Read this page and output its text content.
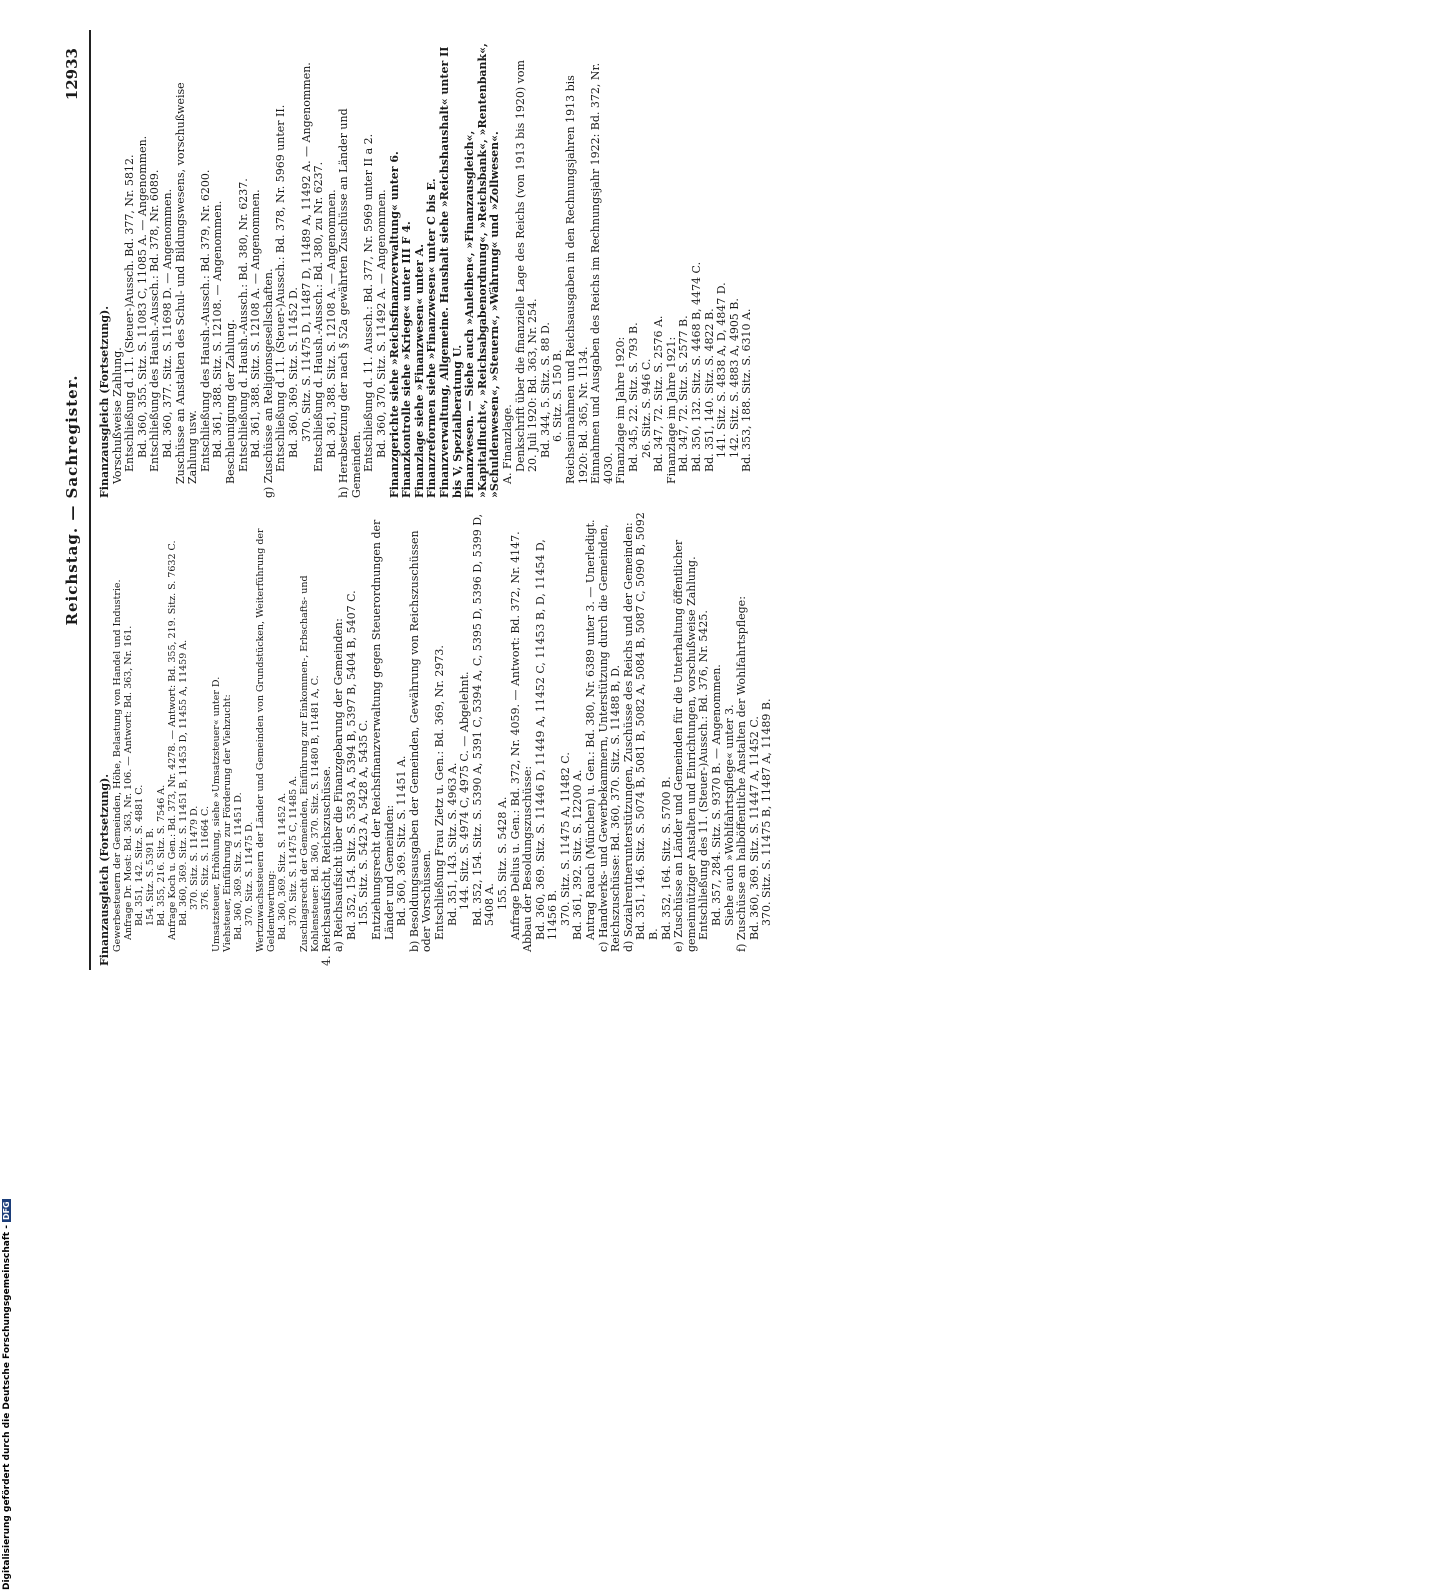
Reichstag. — Sachregister.
12933

Finanzausgleich (Fortsetzung). Gewerbesteuern der Gemeinden, Höhe, Belastung von Handel und Industrie. Anfrage Dr. Most: Bd. 363, Nr. 106. — Antwort: Bd. 363, Nr. 161. Bd. 351, 142. Sitz. S. 4881 C. 154. Sitz. S. 5391 B. Bd. 355, 216. Sitz. S. 7546 A. Anfrage Koch u. Gen.: Bd. 373, Nr. 4278. — Antwort: Bd. 355, 219. Sitz. S. 7632 C. Bd. 360, 369. Sitz. S. 11451 B, 11453 D, 11455 A, 11459 A. 370. Sitz. S. 11479 D. 376. Sitz. S. 11664 C. Umsatzsteuer, Erhöhung, siehe »Umsatzsteuer« unter D. Viehsteuer, Einführung zur Förderung der Viehzucht: Bd. 360, 369. Sitz. S. 11451 D. 370. Sitz. S. 11475 D. Wertzuwachssteuern der Länder und Gemeinden von Grundstücken, Weiterführung der Geldentwertung: Bd. 360, 369. Sitz. S. 11452 A. 370. Sitz. S. 11475 C, 11485 A. Zuschlagsrecht der Gemeinden, Einführung zur Einkommen-, Erbschafts- und Kohlensteuer: Bd. 360, 370. Sitz. S. 11480 B, 11481 A, C. 4. Reichsaufsicht, Reichszuschüsse. a) Reichsaufsicht über die Finanzgebarung der Gemeinden: Bd. 352, 154. Sitz. S. 5393 A, 5394 B, 5397 B, 5404 B, 5407 C. 155. Sitz. S. 5423 A, 5428 A, 5435 C. Entziehungsrecht der Reichsfinanzverwaltung gegen Steuerordnungen der Länder und Gemeinden: Bd. 360, 369. Sitz. S. 11451 A. b) Besoldungsausgaben der Gemeinden, Gewährung von Reichszuschüssen oder Vorschüssen. Entschließung Frau Zietz u. Gen.: Bd. 369, Nr. 2973. Bd. 351, 143. Sitz. S. 4963 A. 144. Sitz. S. 4974 C, 4975 C. — Abgelehnt. Bd. 352, 154. Sitz. S. 5390 A, 5391 C, 5394 A, C, 5395 D, 5396 D, 5399 D, 5408 A. 155. Sitz. S. 5428 A. Anfrage Delius u. Gen.: Bd. 372, Nr. 4059. — Antwort: Bd. 372, Nr. 4147. Abbau der Besoldungszuschüsse: Bd. 360, 369. Sitz. S. 11446 D, 11449 A, 11452 C, 11453 B, D, 11454 D, 11456 B. 370. Sitz. S. 11475 A, 11482 C. Bd. 361, 392. Sitz. S. 12200 A. Antrag Rauch (München) u. Gen.: Bd. 380, Nr. 6389 unter 3. — Unerledigt. c) Handwerks- und Gewerbekammern, Unterstützung durch die Gemeinden, Reichszuschüsse: Bd. 360, 370. Sitz. S. 11488 B, D. d) Sozialrentnerunterstützungen, Zuschüsse des Reichs und der Gemeinden: Bd. 351, 146. Sitz. S. 5074 B, 5081 B, 5082 A, 5084 B, 5087 C, 5090 B, 5092 B. Bd. 352, 164. Sitz. S. 5700 B. e) Zuschüsse an Länder und Gemeinden für die Unterhaltung öffentlicher gemeinnütziger Anstalten und Einrichtungen, vorschußweise Zahlung. Entschließung des 11. (Steuer-)Aussch.: Bd. 376, Nr. 5425. Bd. 357, 284. Sitz. S. 9370 B. — Angenommen. Siehe auch »Wohlfahrtspflege« unter 3. f) Zuschüsse an halböffentliche Anstalten der Wohlfahrtspflege: Bd. 360, 369. Sitz. S. 11447 A, 11452 C. 370. Sitz. S. 11475 B, 11487 A, 11489 B.

Finanzausgleich (Fortsetzung). Vorschußweise Zahlung. Entschließung d. 11. (Steuer-)Aussch. Bd. 377, Nr. 5812. Bd. 360, 355. Sitz. S. 11083 C, 11085 A. — Angenommen. Entschließung des Haush.-Aussch.: Bd. 378, Nr. 6089. Bd. 360, 377. Sitz. S. 11698 D. — Angenommen. Zuschüsse an Anstalten des Schul- und Bildungswesens, vorschußweise Zahlung usw. Entschließung des Haush.-Aussch.: Bd. 379, Nr. 6200. Bd. 361, 388. Sitz. S. 12108. — Angenommen. Beschleunigung der Zahlung. Entschließung d. Haush.-Aussch.: Bd. 380, Nr. 6237. Bd. 361, 388. Sitz. S. 12108 A. — Angenommen. g) Zuschüsse an Religionsgesellschaften. Entschließung d. 11. (Steuer-)Aussch.: Bd. 378, Nr. 5969 unter II. Bd. 360, 369. Sitz. S. 11452 D. 370. Sitz. S. 11475 D, 11487 D, 11489 A, 11492 A. — Angenommen. Entschließung d. Haush.-Aussch.: Bd. 380, zu Nr. 6237. Bd. 361, 388. Sitz. S. 12108 A. — Angenommen. h) Herabsetzung der nach § 52a gewährten Zuschüsse an Länder und Gemeinden. Entschließung d. 11. Aussch.: Bd. 377, Nr. 5969 unter II a 2. Bd. 360, 370. Sitz. S. 11492 A. — Angenommen. Finanzgerichte siehe »Reichsfinanzverwaltung« unter 6. Finanzkontrolle siehe »Kriege« unter III F 4. Finanzlage siehe »Finanzwesen« unter A. Finanzreformen siehe »Finanzwesen« unter C bis E. Finanzverwaltung, Allgemeine. Haushalt siehe »Reichshaushalt« unter II bis V, Spezialberatung U. Finanzwesen. — Siehe auch »Anleihen«, »Finanzausgleich«, »Kapitalflucht«, »Reichsabgabenordnung«, »Reichsbank«, »Rentenbank«, »Schuldenwesen«, »Steuern«, »Währung« und »Zollwesen«. A. Finanzlage. Denkschrift über die finanzielle Lage des Reichs (von 1913 bis 1920) vom 20. Juli 1920: Bd. 363, Nr. 254. Bd. 344, 5. Sitz. S. 88 D. 6. Sitz. S. 150 B. Reichseinnahmen und Reichsausgaben in den Rechnungsjahren 1913 bis 1920: Bd. 365, Nr. 1134. Einnahmen und Ausgaben des Reichs im Rechnungsjahr 1922: Bd. 372, Nr. 4030. Finanzlage im Jahre 1920: Bd. 345, 22. Sitz. S. 793 B. 26. Sitz. S. 946 C. Bd. 347, 72. Sitz. S. 2576 A. Finanzlage im Jahre 1921: Bd. 347, 72. Sitz. S. 2577 B. Bd. 350, 132. Sitz. S. 4468 B, 4474 C. Bd. 351, 140. Sitz. S. 4822 B. 141. Sitz. S. 4838 A, D, 4847 D. 142. Sitz. S. 4883 A, 4905 B. Bd. 353, 188. Sitz. S. 6310 A.

Digitalisierung gefördert durch die Deutsche Forschungsgemeinschaft -DFG
